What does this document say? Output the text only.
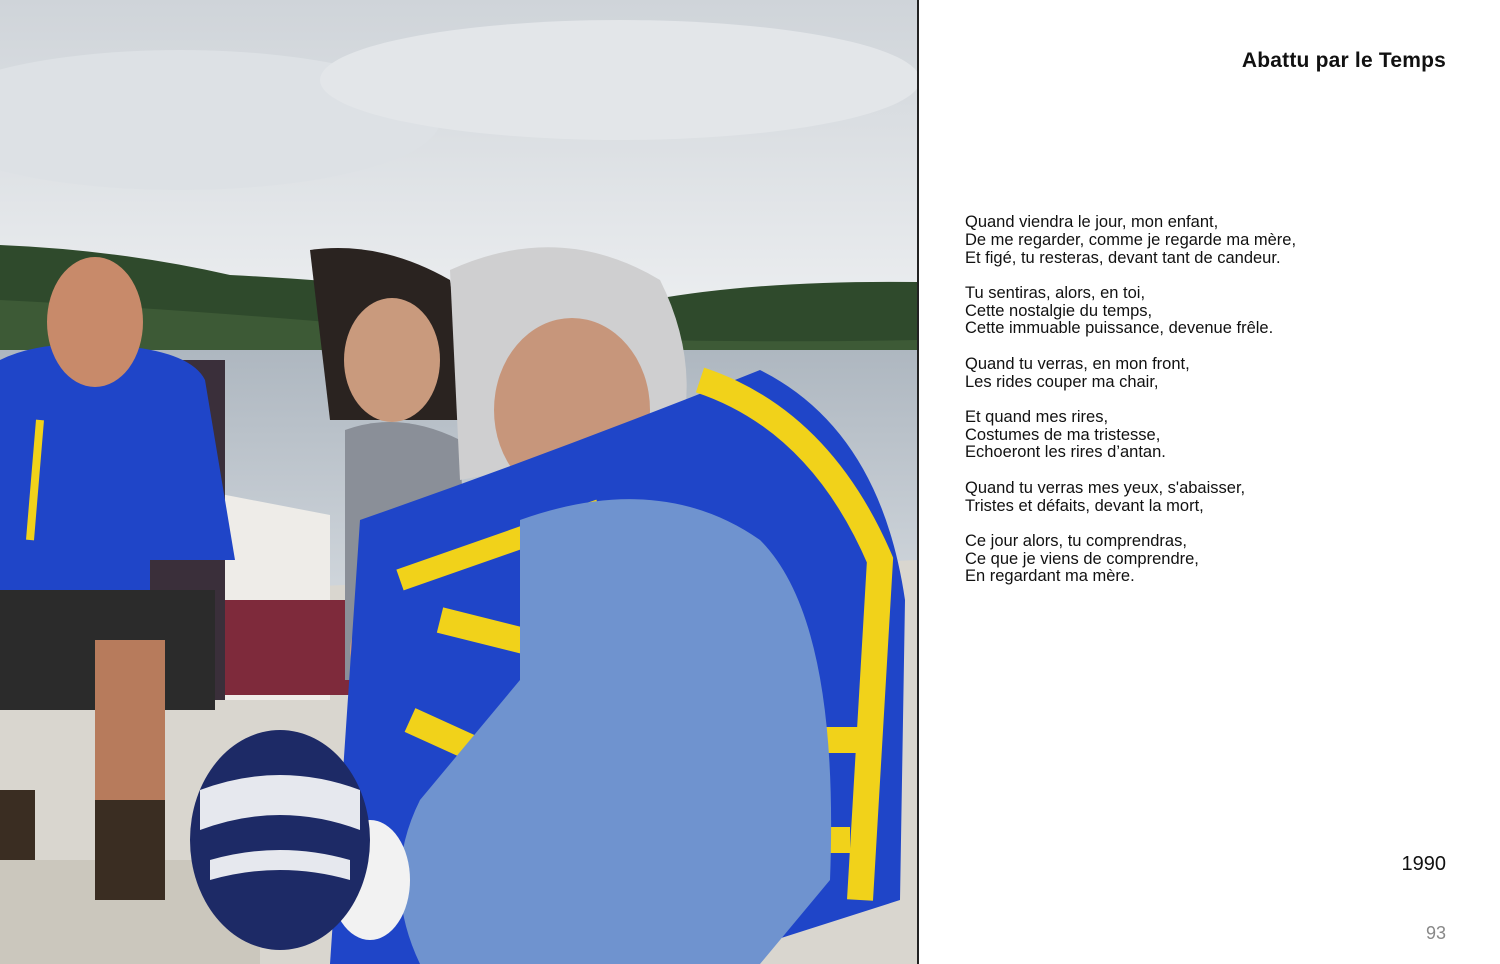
Abattu par le Temps
Quand viendra le jour, mon enfant,
De me regarder, comme je regarde ma mère,
Et figé, tu resteras, devant tant de candeur.
Tu sentiras, alors, en toi,
Cette nostalgie du temps,
Cette immuable puissance, devenue frêle.
Quand tu verras, en mon front,
Les rides couper ma chair,
Et quand mes rires,
Costumes de ma tristesse,
Echoeront les rires d’antan.
Quand tu verras mes yeux, s'abaisser,
Tristes et défaits, devant la mort,
Ce jour alors, tu comprendras,
Ce que je viens de comprendre,
En regardant ma mère.
1990
93
